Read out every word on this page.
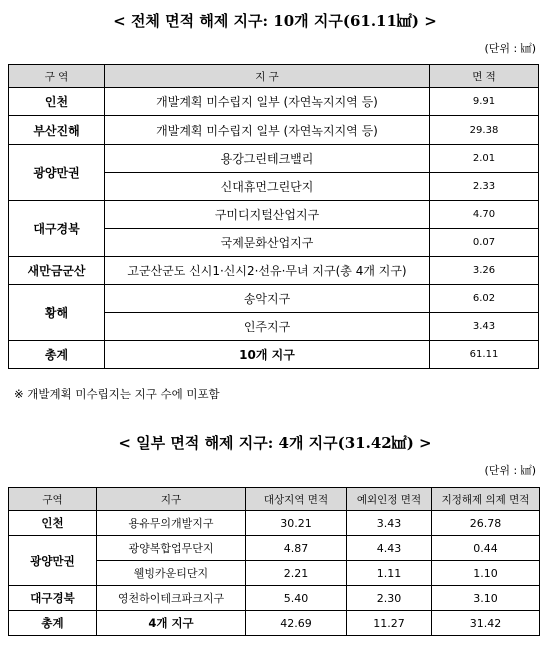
< 전체 면적 해제 지구: 10개 지구(61.11㎢) >
(단위 : ㎢)
구 역	지 구	면 적
인천	개발계획 미수립지 일부 (자연녹지지역 등)	9.91
부산진해	개발계획 미수립지 일부 (자연녹지지역 등)	29.38
광양만권	용강그린테크밸리	2.01
	신대휴먼그린단지	2.33
대구경북	구미디지털산업지구	4.70
	국제문화산업지구	0.07
새만금군산	고군산군도 신시1·신시2·선유·무녀 지구(총 4개 지구)	3.26
황해	송악지구	6.02
	인주지구	3.43
총계	10개 지구	61.11
※ 개발계획 미수립지는 지구 수에 미포함
< 일부 면적 해제 지구: 4개 지구(31.42㎢) >
(단위 : ㎢)
구역	지구	대상지역 면적	예외인정 면적	지정해제 의제 면적
인천	용유무의개발지구	30.21	3.43	26.78
광양만권	광양복합업무단지	4.87	4.43	0.44
	웰빙카운티단지	2.21	1.11	1.10
대구경북	영천하이테크파크지구	5.40	2.30	3.10
총계	4개 지구	42.69	11.27	31.42
